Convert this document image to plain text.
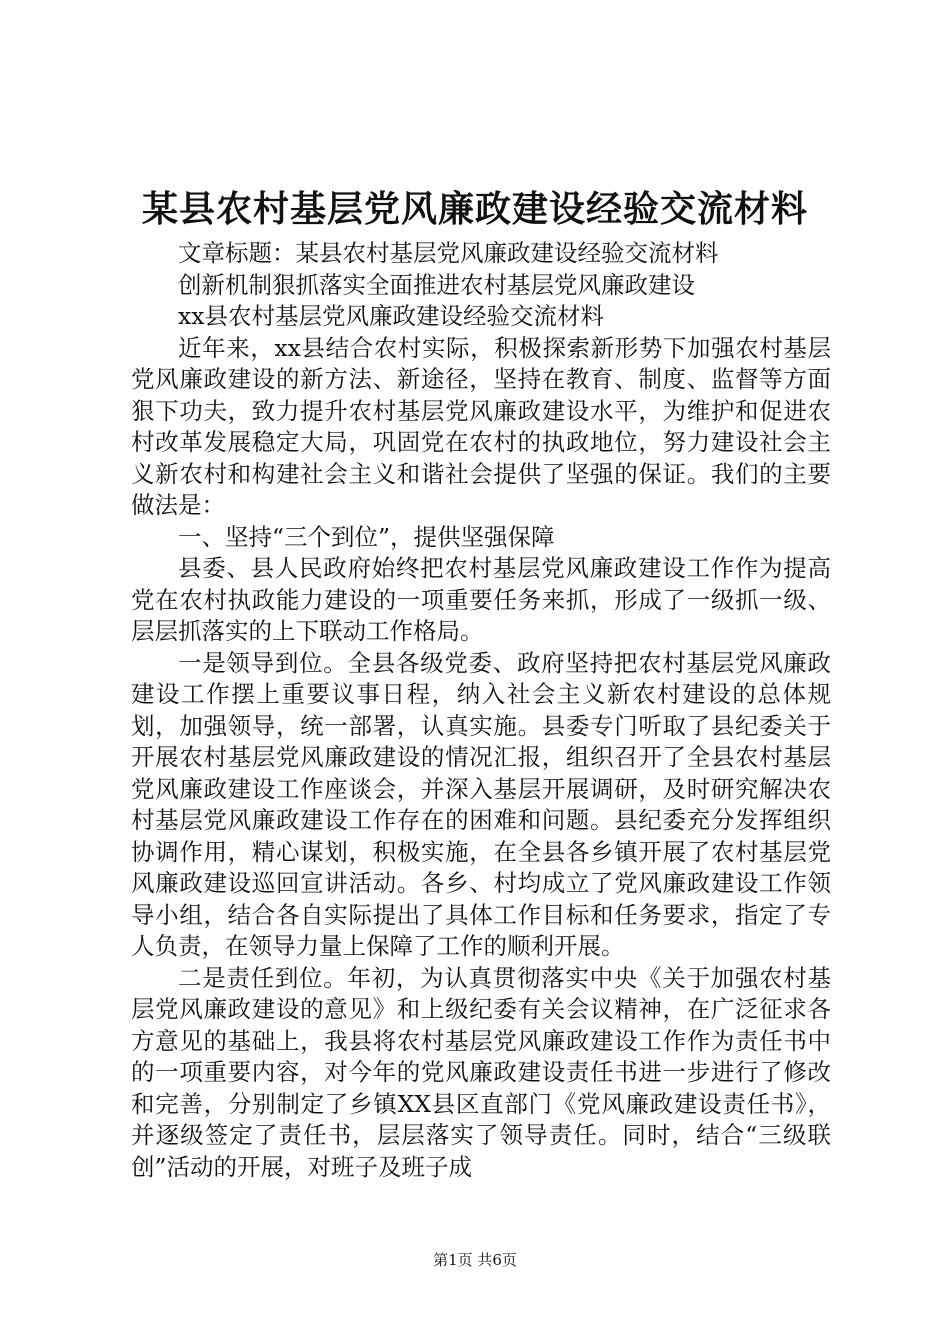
某县农村基层党风廉政建设经验交流材料

文章标题：某县农村基层党风廉政建设经验交流材料

创新机制狠抓落实全面推进农村基层党风廉政建设

xx县农村基层党风廉政建设经验交流材料

近年来，xx县结合农村实际，积极探索新形势下加强农村基层党风廉政建设的新方法、新途径，坚持在教育、制度、监督等方面狠下功夫，致力提升农村基层党风廉政建设水平，为维护和促进农村改革发展稳定大局，巩固党在农村的执政地位，努力建设社会主义新农村和构建社会主义和谐社会提供了坚强的保证。我们的主要做法是：

一、坚持“三个到位”，提供坚强保障

县委、县人民政府始终把农村基层党风廉政建设工作作为提高党在农村执政能力建设的一项重要任务来抓，形成了一级抓一级、层层抓落实的上下联动工作格局。

一是领导到位。全县各级党委、政府坚持把农村基层党风廉政建设工作摆上重要议事日程，纳入社会主义新农村建设的总体规划，加强领导，统一部署，认真实施。县委专门听取了县纪委关于开展农村基层党风廉政建设的情况汇报，组织召开了全县农村基层党风廉政建设工作座谈会，并深入基层开展调研，及时研究解决农村基层党风廉政建设工作存在的困难和问题。县纪委充分发挥组织协调作用，精心谋划，积极实施，在全县各乡镇开展了农村基层党风廉政建设巡回宣讲活动。各乡、村均成立了党风廉政建设工作领导小组，结合各自实际提出了具体工作目标和任务要求，指定了专人负责，在领导力量上保障了工作的顺利开展。

二是责任到位。年初，为认真贯彻落实中央《关于加强农村基层党风廉政建设的意见》和上级纪委有关会议精神，在广泛征求各方意见的基础上，我县将农村基层党风廉政建设工作作为责任书中的一项重要内容，对今年的党风廉政建设责任书进一步进行了修改和完善，分别制定了乡镇XX县区直部门《党风廉政建设责任书》，并逐级签定了责任书，层层落实了领导责任。同时，结合“三级联创”活动的开展，对班子及班子成

第1页 共6页
